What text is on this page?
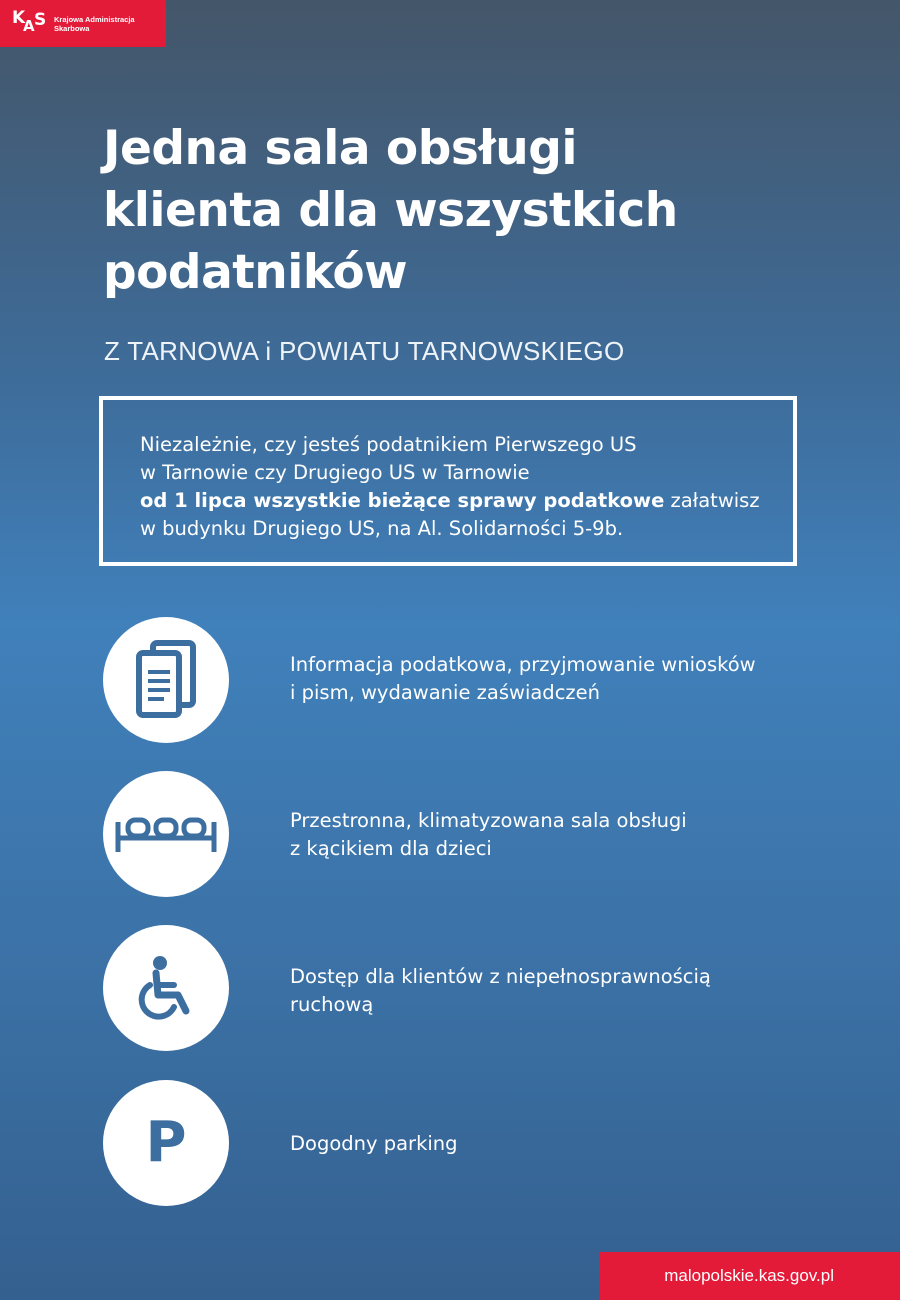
K
A S Krajowa Administracja
Skarbowa
Jedna sala obsługi
klienta dla wszystkich
podatników
Z TARNOWA i POWIATU TARNOWSKIEGO

Niezależnie, czy jesteś podatnikiem Pierwszego US
w Tarnowie czy Drugiego US w Tarnowie
od 1 lipca wszystkie bieżące sprawy podatkowe załatwisz
w budynku Drugiego US, na Al. Solidarności 5-9b.

Informacja podatkowa, przyjmowanie wniosków
i pism, wydawanie zaświadczeń

Przestronna, klimatyzowana sala obsługi
z kącikiem dla dzieci

Dostęp dla klientów z niepełnosprawnością
ruchową

P	Dogodny parking

malopolskie.kas.gov.pl
